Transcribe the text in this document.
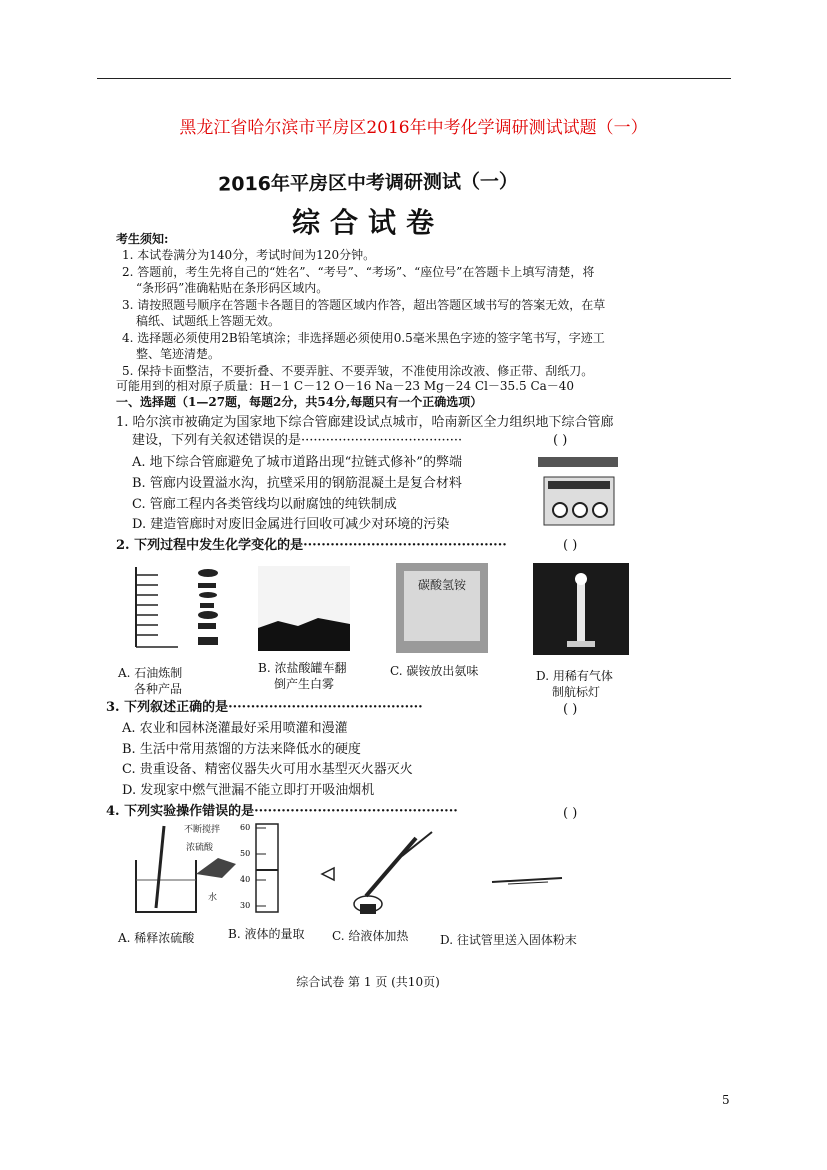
黑龙江省哈尔滨市平房区2016年中考化学调研测试试题（一）
2016年平房区中考调研测试（一）
综合试卷
考生须知:
1. 本试卷满分为140分，考试时间为120分钟。
2. 答题前，考生先将自己的“姓名”、“考号”、“考场”、“座位号”在答题卡上填写清楚，将
“条形码”准确粘贴在条形码区域内。
3. 请按照题号顺序在答题卡各题目的答题区域内作答，超出答题区域书写的答案无效，在草
稿纸、试题纸上答题无效。
4. 选择题必须使用2B铅笔填涂；非选择题必须使用0.5毫米黑色字迹的签字笔书写，字迹工
整、笔迹清楚。
5. 保持卡面整洁，不要折叠、不要弄脏、不要弄皱，不准使用涂改液、修正带、刮纸刀。
可能用到的相对原子质量：H－1 C－12 O－16 Na－23 Mg－24 Cl－35.5 Ca－40
一、选择题（1—27题，每题2分，共54分,每题只有一个正确选项）
1. 哈尔滨市被确定为国家地下综合管廊建设试点城市，哈南新区全力组织地下综合管廊
建设，下列有关叙述错误的是·······································	( )
A. 地下综合管廊避免了城市道路出现“拉链式修补”的弊端
B. 管廊内设置溢水沟，抗壁采用的钢筋混凝土是复合材料
C. 管廊工程内各类管线均以耐腐蚀的纯铁制成
D. 建造管廊时对废旧金属进行回收可减少对环境的污染
2. 下列过程中发生化学变化的是·············································	( )
碳酸氢铵
A. 石油炼制
各种产品
B. 浓盐酸罐车翻
倒产生白雾
C. 碳铵放出氨味	D. 用稀有气体
制航标灯
3. 下列叙述正确的是···········································	( )
A. 农业和园林浇灌最好采用喷灌和漫灌
B. 生活中常用蒸馏的方法来降低水的硬度
C. 贵重设备、精密仪器失火可用水基型灭火器灭火
D. 发现家中燃气泄漏不能立即打开吸油烟机
4. 下列实验操作错误的是·············································	( )
不断搅拌
浓硫酸
水
60
50
40
30
A. 稀释浓硫酸	B. 液体的量取 C. 给液体加热	D. 往试管里送入固体粉末
综合试卷 第 1 页 (共10页)
5
